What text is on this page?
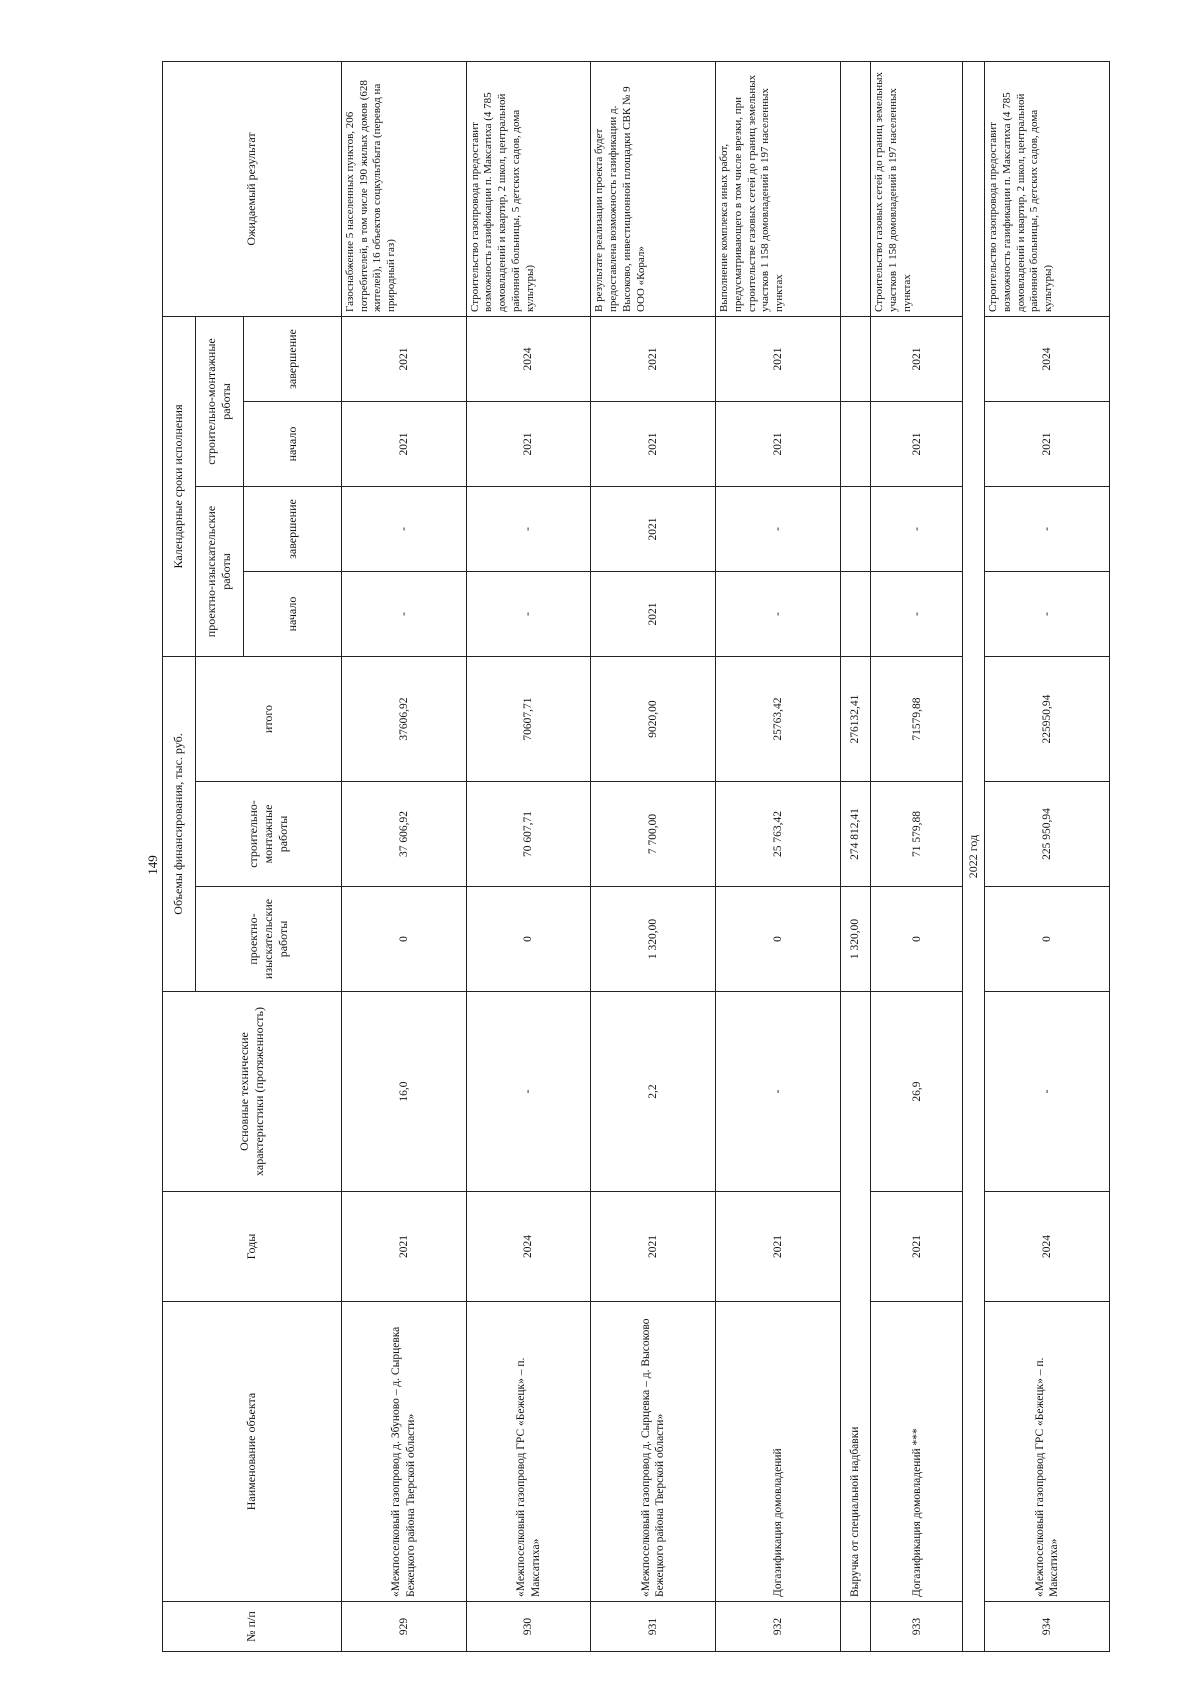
149
№ п/п	Наименование объекта	Годы	Основные технические характеристики (протяженность)	Объемы финансирования, тыс. руб.			Календарные сроки исполнения				Ожидаемый результат
				проектно-изыскательские работы	строительно-монтажные работы	итого	проектно-изыскательские работы		строительно-монтажные работы		
							начало	завершение	начало	завершение	
929	«Межпоселковый газопровод д. Збуново – д. Сырцевка Бежецкого района Тверской области»	2021	16,0	0	37 606,92	37606,92	-	-	2021	2021	Газоснабжение 5 населенных пунктов, 206 потребителей, в том числе 190 жилых домов (628 жителей), 16 объектов соцкультбыта (перевод на природный газ)
930	«Межпоселковый газопровод ГРС «Бежецк» – п. Максатиха»	2024	-	0	70 607,71	70607,71	-	-	2021	2024	Строительство газопровода предоставит возможность газификации п. Максатиха (4 785 домовладений и квартир, 2 школ, центральной районной больницы, 5 детских садов, дома культуры)
931	«Межпоселковый газопровод д. Сырцевка – д. Высоково Бежецкого района Тверской области»	2021	2,2	1 320,00	7 700,00	9020,00	2021	2021	2021	2021	В результате реализации проекта будет предоставлена возможность газификации д. Высоково, инвестиционной площадки СВК № 9 ООО «Корал»
932	Догазификация домовладений	2021	-	0	25 763,42	25763,42	-	-	2021	2021	Выполнение комплекса иных работ, предусматривающего в том числе врезки, при строительстве газовых сетей до границ земельных участков 1 158 домовладений в 197 населенных пунктах
	Выручка от специальной надбавки			1 320,00	274 812,41	276132,41					
933	Догазификация домовладений ***	2021	26,9	0	71 579,88	71579,88	-	-	2021	2021	Строительство газовых сетей до границ земельных участков 1 158 домовладений в 197 населенных пунктах
2022 год											
934	«Межпоселковый газопровод ГРС «Бежецк» – п. Максатиха»	2024	-	0	225 950,94	225950,94	-	-	2021	2024	Строительство газопровода предоставит возможность газификации п. Максатиха (4 785 домовладений и квартир, 2 школ, центральной районной больницы, 5 детских садов, дома культуры)
